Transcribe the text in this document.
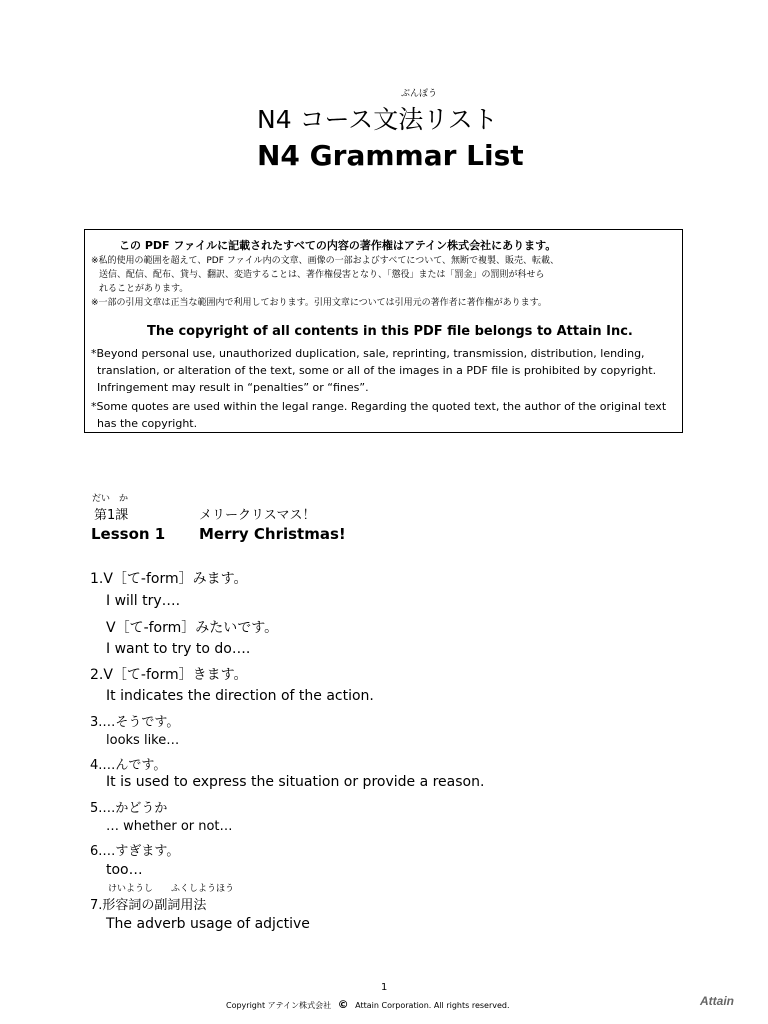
ぶんぽう
N4 コース文法リスト
N4 Grammar List
この PDF ファイルに記載されたすべての内容の著作権はアテイン株式会社にあります。
※私的使用の範囲を超えて、PDF ファイル内の文章、画像の一部およびすべてについて、無断で複製、販売、転載、
送信、配信、配布、貸与、翻訳、変造することは、著作権侵害となり、「懲役」または「罰金」の罰則が科せら
れることがあります。
※一部の引用文章は正当な範囲内で利用しております。引用文章については引用元の著作者に著作権があります。
The copyright of all contents in this PDF file belongs to Attain Inc.
*Beyond personal use, unauthorized duplication, sale, reprinting, transmission, distribution, lending,
translation, or alteration of the text, some or all of the images in a PDF file is prohibited by copyright.
Infringement may result in “penalties” or “fines”.
*Some quotes are used within the legal range. Regarding the quoted text, the author of the original text
has the copyright.
だい　か
第1課	メリークリスマス！
Lesson 1 Merry Christmas!
1.V［て-form］みます。
I will try….
V［て-form］みたいです。
I want to try to do….
2.V［て-form］きます。
It indicates the direction of the action.
3.…そうです。
looks like…
4.…んです。
It is used to express the situation or provide a reason.
5.…かどうか
… whether or not…
6.…すぎます。
too…
けいようし　　ふくしようほう
7.形容詞の副詞用法
The adverb usage of adjctive
1
Copyright アテイン株式会社 © Attain Corporation. All rights reserved.	Attain
